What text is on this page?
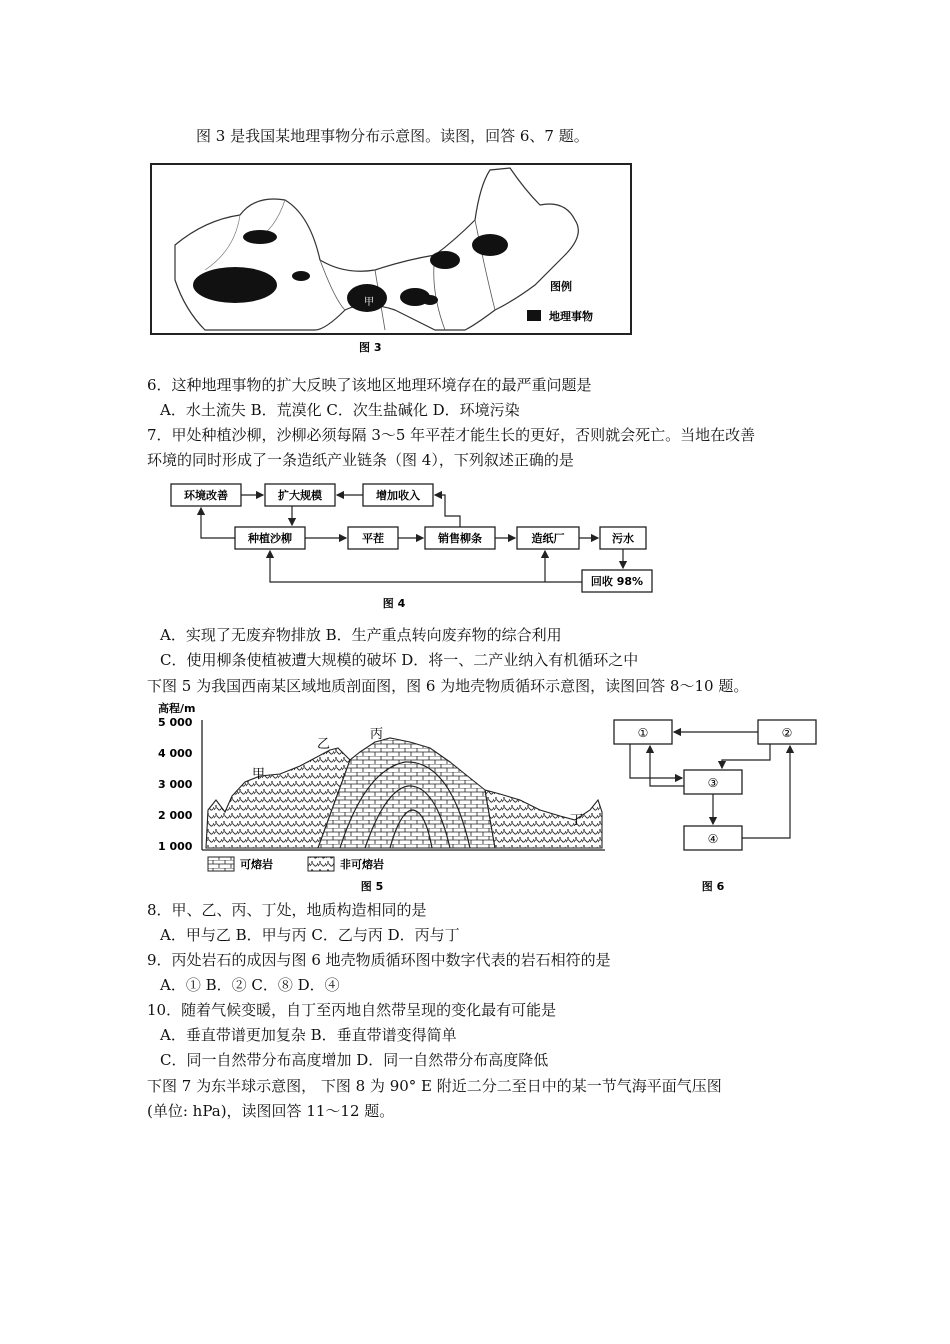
图 3 是我国某地理事物分布示意图。读图，回答 6、7 题。
甲
图例
地理事物
图 3
6．这种地理事物的扩大反映了该地区地理环境存在的最严重问题是
A．水土流失 B．荒漠化 C．次生盐碱化 D．环境污染
7．甲处种植沙柳，沙柳必须每隔 3～5 年平茬才能生长的更好，否则就会死亡。当地在改善
环境的同时形成了一条造纸产业链条（图 4），下列叙述正确的是
环境改善	扩大规模	增加收入
种植沙柳	平茬	销售柳条	造纸厂	污水
回收 98%
图 4
A．实现了无废弃物排放 B．生产重点转向废弃物的综合利用
C．使用柳条使植被遭大规模的破坏 D．将一、二产业纳入有机循环之中
下图 5 为我国西南某区域地质剖面图，图 6 为地壳物质循环示意图，读图回答 8～10 题。
高程/m
5 000
4 000
3 000
2 000
1 000
甲
乙
丙
丁
可熔岩	非可熔岩
图 5
①	②
③
④
图 6
8．甲、乙、丙、丁处，地质构造相同的是
A．甲与乙 B．甲与丙 C．乙与丙 D．丙与丁
9．丙处岩石的成因与图 6 地壳物质循环图中数字代表的岩石相符的是
A．① B．② C．⑧ D．④
10．随着气候变暖，自丁至丙地自然带呈现的变化最有可能是
A．垂直带谱更加复杂 B．垂直带谱变得简单
C．同一自然带分布高度增加 D．同一自然带分布高度降低
下图 7 为东半球示意图， 下图 8 为 90° E 附近二分二至日中的某一节气海平面气压图
(单位: hPa)，读图回答 11～12 题。
